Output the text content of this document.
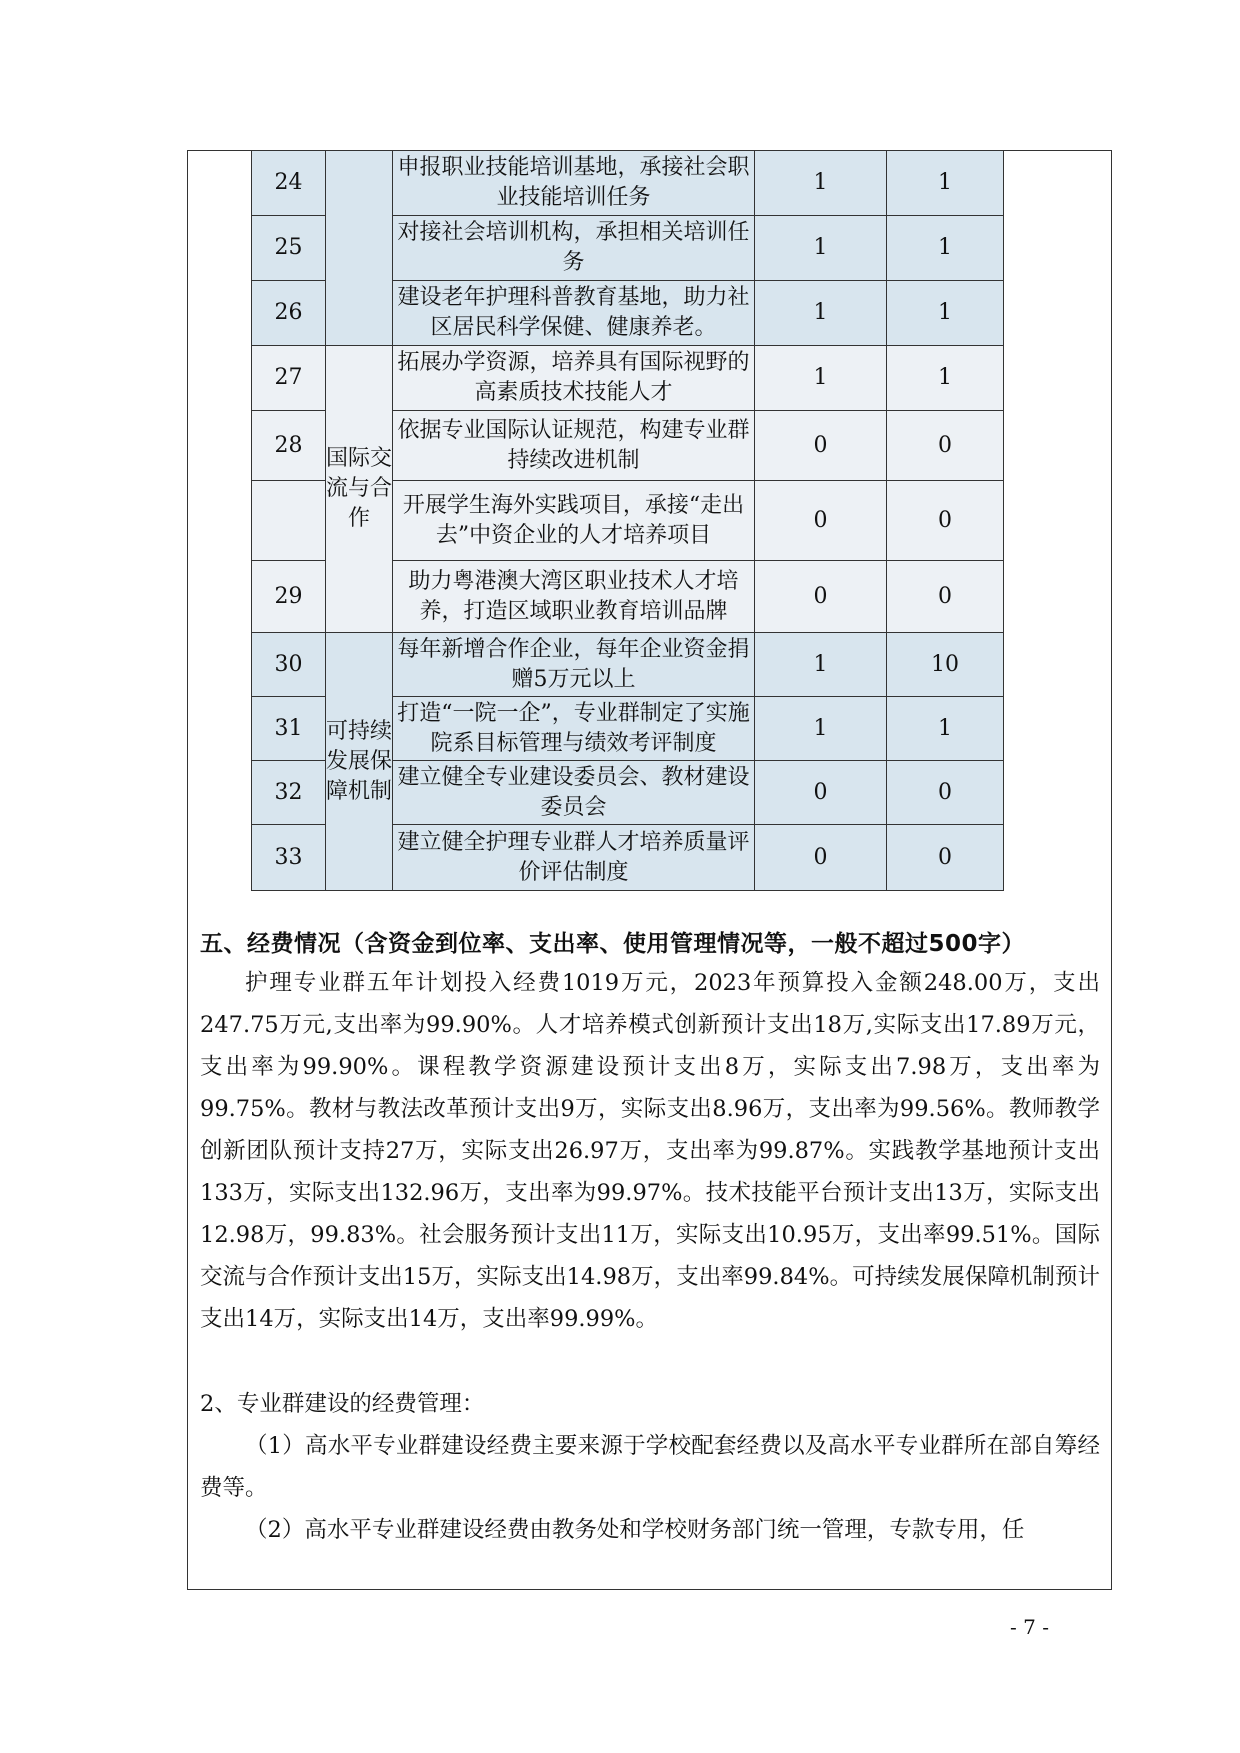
24		申报职业技能培训基地，承接社会职业技能培训任务	1	1
25		对接社会培训机构，承担相关培训任务	1	1
26		建设老年护理科普教育基地，助力社区居民科学保健、健康养老。	1	1
27	国际交流与合作	拓展办学资源，培养具有国际视野的高素质技术技能人才	1	1
28		依据专业国际认证规范，构建专业群持续改进机制	0	0
		开展学生海外实践项目，承接“走出去”中资企业的人才培养项目	0	0
29		助力粤港澳大湾区职业技术人才培养，打造区域职业教育培训品牌	0	0
30	可持续发展保障机制	每年新增合作企业，每年企业资金捐赠5万元以上	1	10
31		打造“一院一企”，专业群制定了实施院系目标管理与绩效考评制度	1	1
32		建立健全专业建设委员会、教材建设委员会	0	0
33		建立健全护理专业群人才培养质量评价评估制度	0	0
五、经费情况（含资金到位率、支出率、使用管理情况等，一般不超过500字）
护理专业群五年计划投入经费1019万元，2023年预算投入金额248.00万，支出247.75万元,支出率为99.90%。人才培养模式创新预计支出18万,实际支出17.89万元，支出率为99.90%。课程教学资源建设预计支出8万，实际支出7.98万，支出率为99.75%。教材与教法改革预计支出9万，实际支出8.96万，支出率为99.56%。教师教学创新团队预计支持27万，实际支出26.97万，支出率为99.87%。实践教学基地预计支出133万，实际支出132.96万，支出率为99.97%。技术技能平台预计支出13万，实际支出12.98万，99.83%。社会服务预计支出11万，实际支出10.95万，支出率99.51%。国际交流与合作预计支出15万，实际支出14.98万，支出率99.84%。可持续发展保障机制预计支出14万，实际支出14万，支出率99.99%。
2、专业群建设的经费管理：
（1）高水平专业群建设经费主要来源于学校配套经费以及高水平专业群所在部自筹经费等。
（2）高水平专业群建设经费由教务处和学校财务部门统一管理，专款专用，任
- 7 -
